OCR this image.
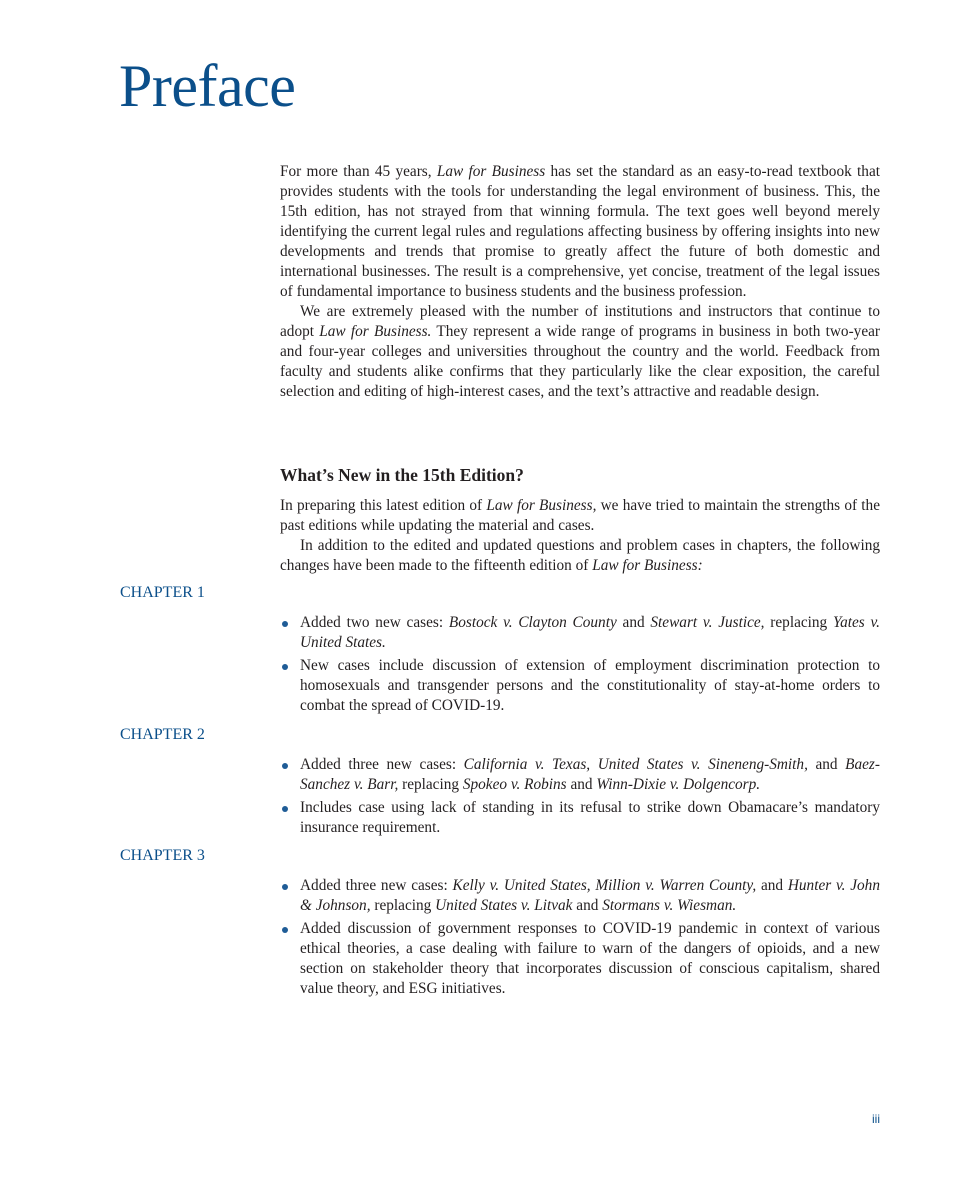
Preface

For more than 45 years, Law for Business has set the standard as an easy-to-read textbook that provides students with the tools for understanding the legal environment of business. This, the 15th edition, has not strayed from that winning formula. The text goes well beyond merely identifying the current legal rules and regulations affecting business by offering insights into new developments and trends that promise to greatly affect the future of both domestic and international businesses. The result is a comprehensive, yet concise, treatment of the legal issues of fundamental importance to business students and the business profession.

We are extremely pleased with the number of institutions and instructors that continue to adopt Law for Business. They represent a wide range of programs in business in both two-year and four-year colleges and universities throughout the country and the world. Feedback from faculty and students alike confirms that they particularly like the clear exposition, the careful selection and editing of high-interest cases, and the text’s attractive and readable design.

What’s New in the 15th Edition?

In preparing this latest edition of Law for Business, we have tried to maintain the strengths of the past editions while updating the material and cases.

In addition to the edited and updated questions and problem cases in chapters, the following changes have been made to the fifteenth edition of Law for Business:

CHAPTER 1
Added two new cases: Bostock v. Clayton County and Stewart v. Justice, replacing Yates v. United States.
New cases include discussion of extension of employment discrimination protection to homosexuals and transgender persons and the constitutionality of stay-at-home orders to combat the spread of COVID-19.
CHAPTER 2
Added three new cases: California v. Texas, United States v. Sineneng-Smith, and Baez-Sanchez v. Barr, replacing Spokeo v. Robins and Winn-Dixie v. Dolgencorp.
Includes case using lack of standing in its refusal to strike down Obamacare’s mandatory insurance requirement.
CHAPTER 3
Added three new cases: Kelly v. United States, Million v. Warren County, and Hunter v. John & Johnson, replacing United States v. Litvak and Stormans v. Wiesman.
Added discussion of government responses to COVID-19 pandemic in context of various ethical theories, a case dealing with failure to warn of the dangers of opioids, and a new section on stakeholder theory that incorporates discussion of conscious capitalism, shared value theory, and ESG initiatives.
iii
